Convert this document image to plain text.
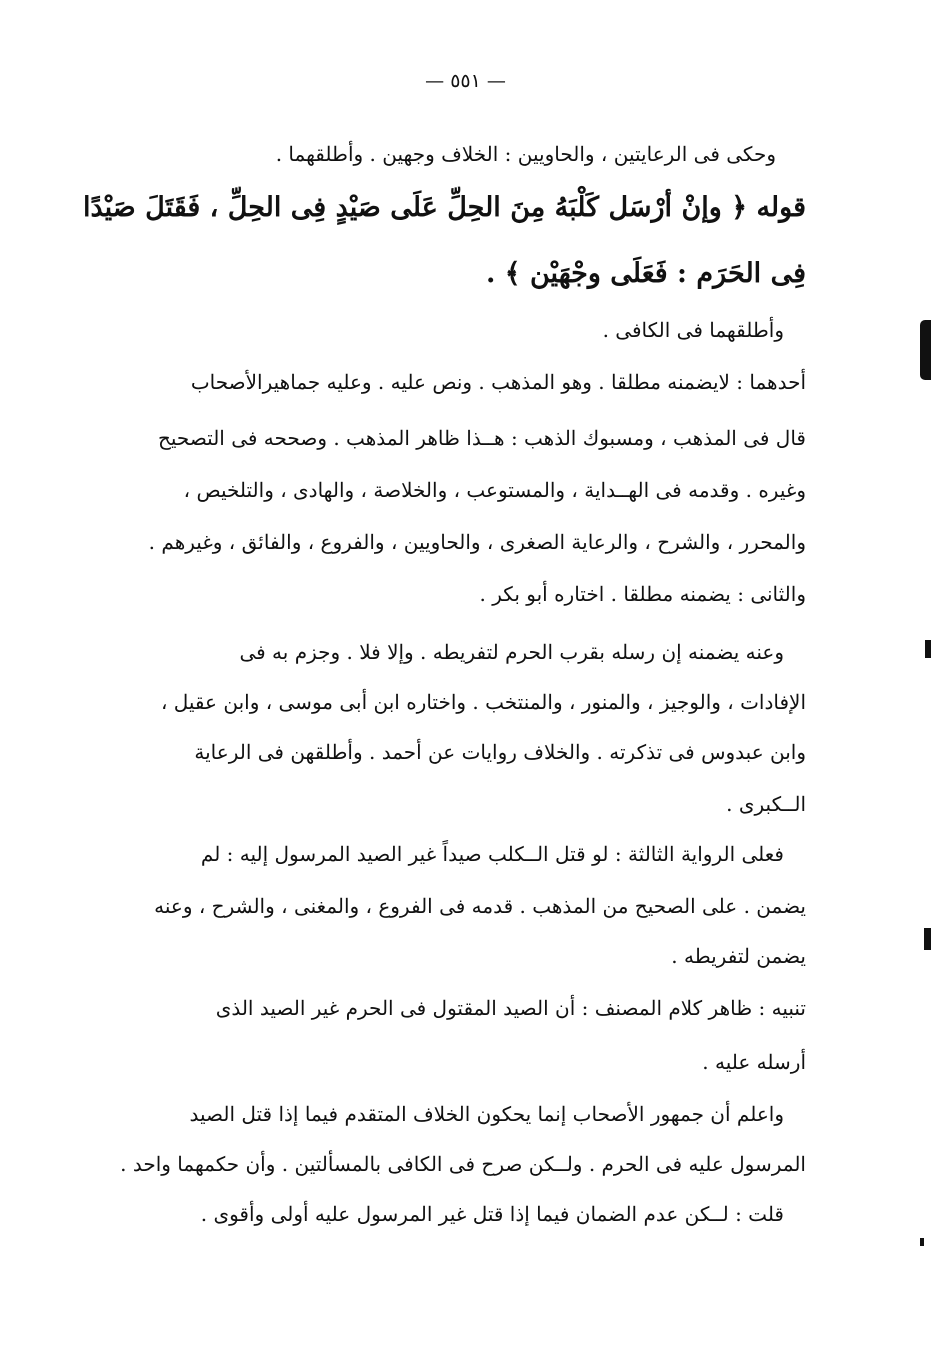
— ٥٥١ —
وحكى فى الرعايتين ، والحاويين : الخلاف وجهين . وأطلقهما .
قوله ﴿ وإنْ أرْسَل كَلْبَهُ مِنَ الحِلِّ عَلَى صَيْدٍ فِى الحِلِّ ، فَقَتَلَ صَيْدًا
فِى الحَرَم : فَعَلَى وجْهَيْن ﴾ .
وأطلقهما فى الكافى .
أحدهما : لايضمنه مطلقا . وهو المذهب . ونص عليه . وعليه جماهيرالأصحاب
قال فى المذهب ، ومسبوك الذهب : هــذا ظاهر المذهب . وصححه فى التصحيح
وغيره . وقدمه فى الهــداية ، والمستوعب ، والخلاصة ، والهادى ، والتلخيص ،
والمحرر ، والشرح ، والرعاية الصغرى ، والحاويين ، والفروع ، والفائق ، وغيرهم .
والثانى : يضمنه مطلقا . اختاره أبو بكر .
وعنه يضمنه إن رسله بقرب الحرم لتفريطه . وإلا فلا . وجزم به فى
الإفادات ، والوجيز ، والمنور ، والمنتخب . واختاره ابن أبى موسى ، وابن عقيل ،
وابن عبدوس فى تذكرته . والخلاف روايات عن أحمد . وأطلقهن فى الرعاية
الــكبرى .
فعلى الرواية الثالثة : لو قتل الــكلب صيداً غير الصيد المرسول إليه : لم
يضمن . على الصحيح من المذهب . قدمه فى الفروع ، والمغنى ، والشرح ، وعنه
يضمن لتفريطه .
تنبيه : ظاهر كلام المصنف : أن الصيد المقتول فى الحرم غير الصيد الذى
أرسله عليه .
واعلم أن جمهور الأصحاب إنما يحكون الخلاف المتقدم فيما إذا قتل الصيد
المرسول عليه فى الحرم . ولــكن صرح فى الكافى بالمسألتين . وأن حكمهما واحد .
قلت : لــكن عدم الضمان فيما إذا قتل غير المرسول عليه أولى وأقوى .
